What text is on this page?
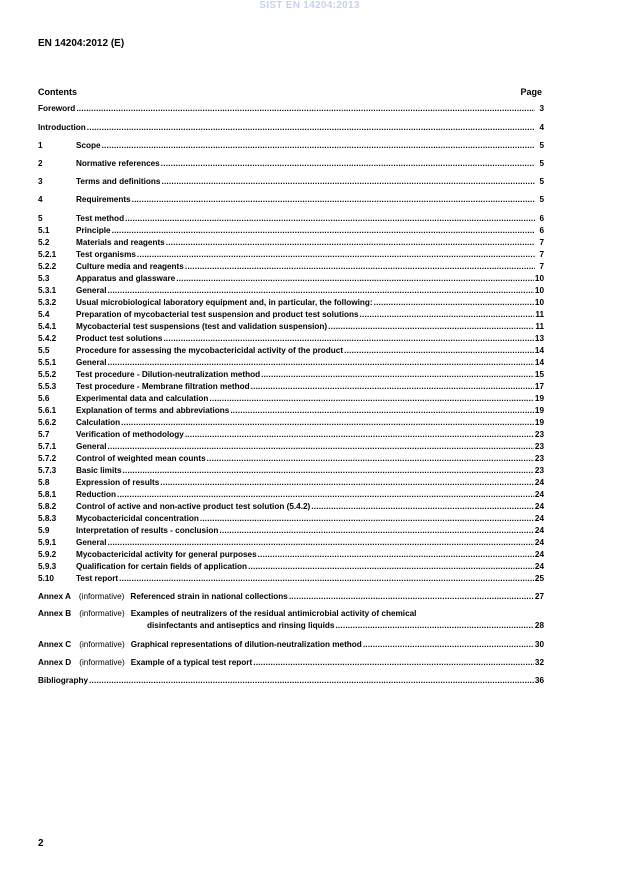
SIST EN 14204:2013
EN 14204:2012 (E)
Contents	Page
Foreword .....	3
Introduction .....	4
1	Scope .....	5
2	Normative references .....	5
3	Terms and definitions .....	5
4	Requirements .....	5
5	Test method .....	6
5.1	Principle .....	6
5.2	Materials and reagents .....	7
5.2.1	Test organisms .....	7
5.2.2	Culture media and reagents .....	7
5.3	Apparatus and glassware .....	10
5.3.1	General .....	10
5.3.2	Usual microbiological laboratory equipment and, in particular, the following: .....	10
5.4	Preparation of mycobacterial test suspension and product test solutions .....	11
5.4.1	Mycobacterial test suspensions (test and validation suspension) .....	11
5.4.2	Product test solutions .....	13
5.5	Procedure for assessing the mycobactericidal activity of the product .....	14
5.5.1	General .....	14
5.5.2	Test procedure - Dilution-neutralization method .....	15
5.5.3	Test procedure - Membrane filtration method .....	17
5.6	Experimental data and calculation .....	19
5.6.1	Explanation of terms and abbreviations .....	19
5.6.2	Calculation .....	19
5.7	Verification of methodology .....	23
5.7.1	General .....	23
5.7.2	Control of weighted mean counts .....	23
5.7.3	Basic limits .....	23
5.8	Expression of results .....	24
5.8.1	Reduction .....	24
5.8.2	Control of active and non-active product test solution (5.4.2) .....	24
5.8.3	Mycobactericidal concentration .....	24
5.9	Interpretation of results - conclusion .....	24
5.9.1	General .....	24
5.9.2	Mycobactericidal activity for general purposes .....	24
5.9.3	Qualification for certain fields of application .....	24
5.10	Test report .....	25
Annex A (informative) Referenced strain in national collections .....	27
Annex B (informative) Examples of neutralizers of the residual antimicrobial activity of chemical
disinfectants and antiseptics and rinsing liquids .....	28
Annex C (informative) Graphical representations of dilution-neutralization method .....	30
Annex D (informative) Example of a typical test report .....	32
Bibliography .....	36
2
